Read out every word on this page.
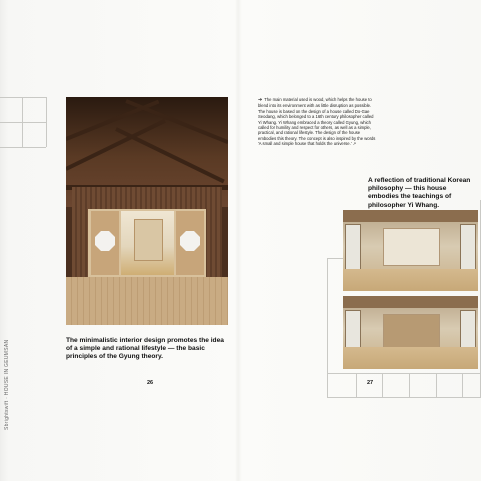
Sbrightswift · HOUSE IN GEUMSAN
➔ The main material used is wood, which helps the house to blend into its environment with as little disruption as possible. The house is based on the design of a house called Do-Gae Seodang, which belonged to a 16th century philosopher called Yi Whang. Yi Whang embraced a theory called Gyung, which called for humility and respect for others, as well as a simple, practical, and rational lifestyle. The design of the house embodies this theory. The concept is also inspired by the words 'A small and simple house that holds the universe.' ↗
A reflection of traditional Korean philosophy — this house embodies the teachings of philosopher Yi Whang.
The minimalistic interior design promotes the idea of a simple and rational lifestyle — the basic principles of the Gyung theory.
26	27
